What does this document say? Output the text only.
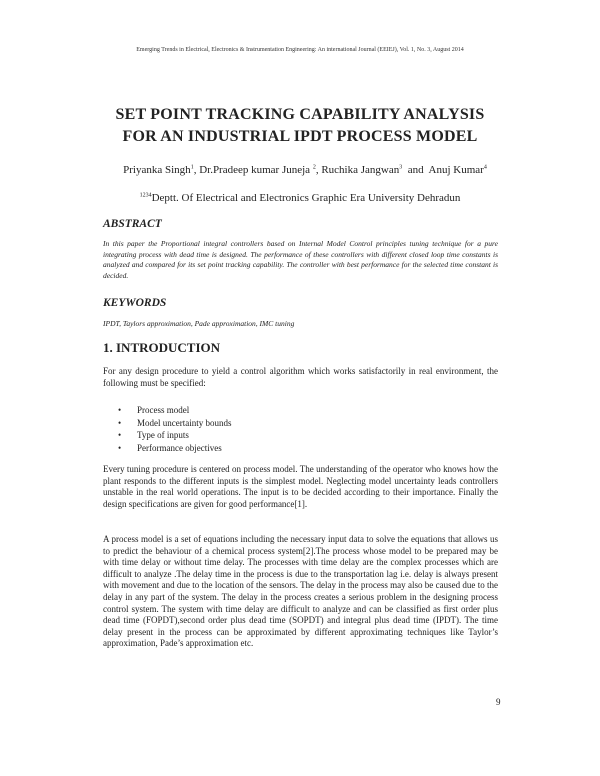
Emerging Trends in Electrical, Electronics & Instrumentation Engineering: An international Journal (EEIEJ), Vol. 1, No. 3, August 2014
SET POINT TRACKING CAPABILITY ANALYSIS
FOR AN INDUSTRIAL IPDT PROCESS MODEL
Priyanka Singh$^1$, Dr.Pradeep kumar Juneja $^2$, Ruchika Jangwan$^3$ and Anuj Kumar$^4$
$^{1234}$Deptt. Of Electrical and Electronics Graphic Era University Dehradun
ABSTRACT

In this paper the Proportional integral controllers based on Internal Model Control principles tuning technique for a pure integrating process with dead time is designed. The performance of these controllers with different closed loop time constants is analyzed and compared for its set point tracking capability. The controller with best performance for the selected time constant is decided.

KEYWORDS

IPDT, Taylors approximation, Pade approximation, IMC tuning

1. INTRODUCTION

For any design procedure to yield a control algorithm which works satisfactorily in real environment, the following must be specified:

• Process model
• Model uncertainty bounds
• Type of inputs
• Performance objectives

Every tuning procedure is centered on process model. The understanding of the operator who knows how the plant responds to the different inputs is the simplest model. Neglecting model uncertainty leads controllers unstable in the real world operations. The input is to be decided according to their importance. Finally the design specifications are given for good performance[1].

A process model is a set of equations including the necessary input data to solve the equations that allows us to predict the behaviour of a chemical process system[2].The process whose model to be prepared may be with time delay or without time delay. The processes with time delay are the complex processes which are difficult to analyze .The delay time in the process is due to the transportation lag i.e. delay is always present with movement and due to the location of the sensors. The delay in the process may also be caused due to the delay in any part of the system. The delay in the process creates a serious problem in the designing process control system. The system with time delay are difficult to analyze and can be classified as first order plus dead time (FOPDT),second order plus dead time (SOPDT) and integral plus dead time (IPDT). The time delay present in the process can be approximated by different approximating techniques like Taylor’s approximation, Pade’s approximation etc.

9
